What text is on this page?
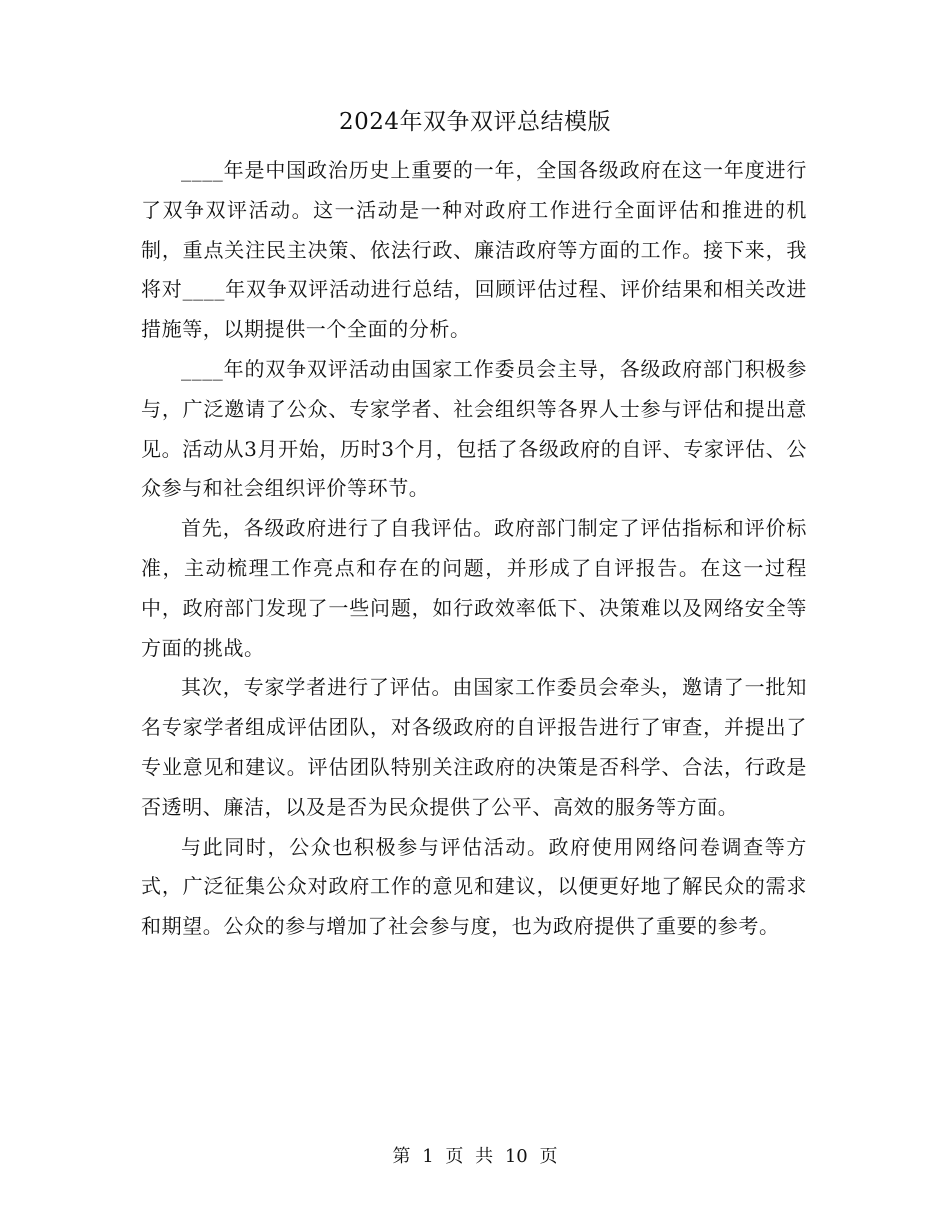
2024年双争双评总结模版

____年是中国政治历史上重要的一年，全国各级政府在这一年度进行了双争双评活动。这一活动是一种对政府工作进行全面评估和推进的机制，重点关注民主决策、依法行政、廉洁政府等方面的工作。接下来，我将对____年双争双评活动进行总结，回顾评估过程、评价结果和相关改进措施等，以期提供一个全面的分析。

____年的双争双评活动由国家工作委员会主导，各级政府部门积极参与，广泛邀请了公众、专家学者、社会组织等各界人士参与评估和提出意见。活动从3月开始，历时3个月，包括了各级政府的自评、专家评估、公众参与和社会组织评价等环节。

首先，各级政府进行了自我评估。政府部门制定了评估指标和评价标准，主动梳理工作亮点和存在的问题，并形成了自评报告。在这一过程中，政府部门发现了一些问题，如行政效率低下、决策难以及网络安全等方面的挑战。

其次，专家学者进行了评估。由国家工作委员会牵头，邀请了一批知名专家学者组成评估团队，对各级政府的自评报告进行了审查，并提出了专业意见和建议。评估团队特别关注政府的决策是否科学、合法，行政是否透明、廉洁，以及是否为民众提供了公平、高效的服务等方面。

与此同时，公众也积极参与评估活动。政府使用网络问卷调查等方式，广泛征集公众对政府工作的意见和建议，以便更好地了解民众的需求和期望。公众的参与增加了社会参与度，也为政府提供了重要的参考。

第 1 页 共 10 页
